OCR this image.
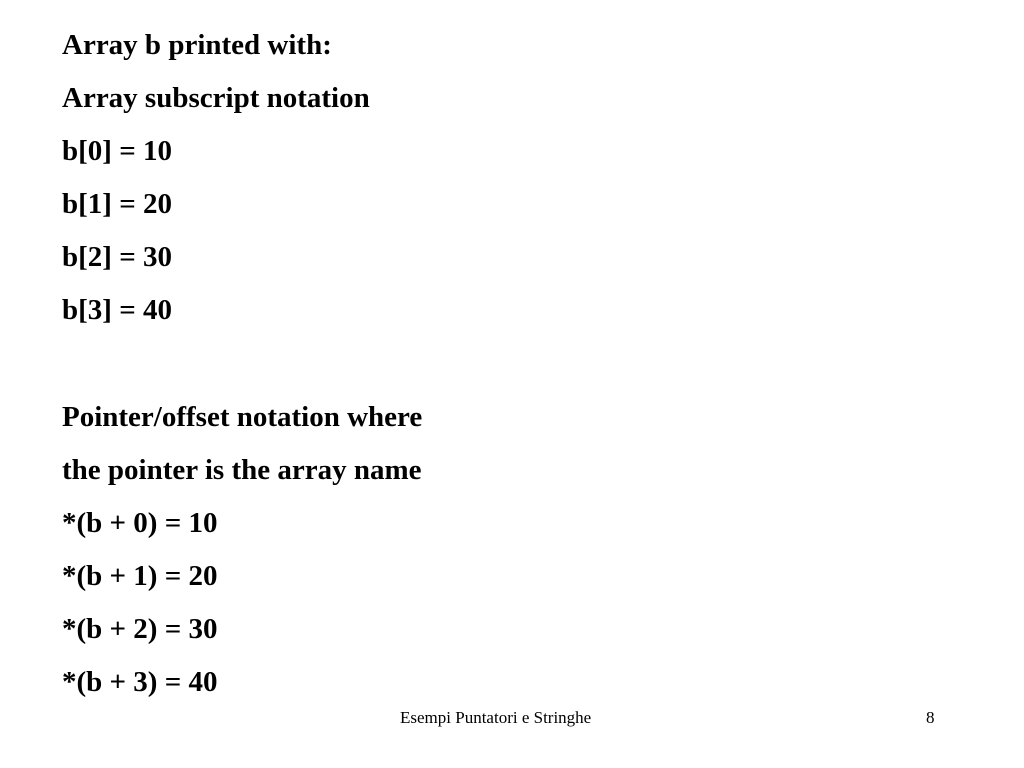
Array b printed with:
Array subscript notation
b[0] = 10
b[1] = 20
b[2] = 30
b[3] = 40
Pointer/offset notation where
the pointer is the array name
*(b + 0) = 10
*(b + 1) = 20
*(b + 2) = 30
*(b + 3) = 40
Esempi Puntatori e Stringhe	8
